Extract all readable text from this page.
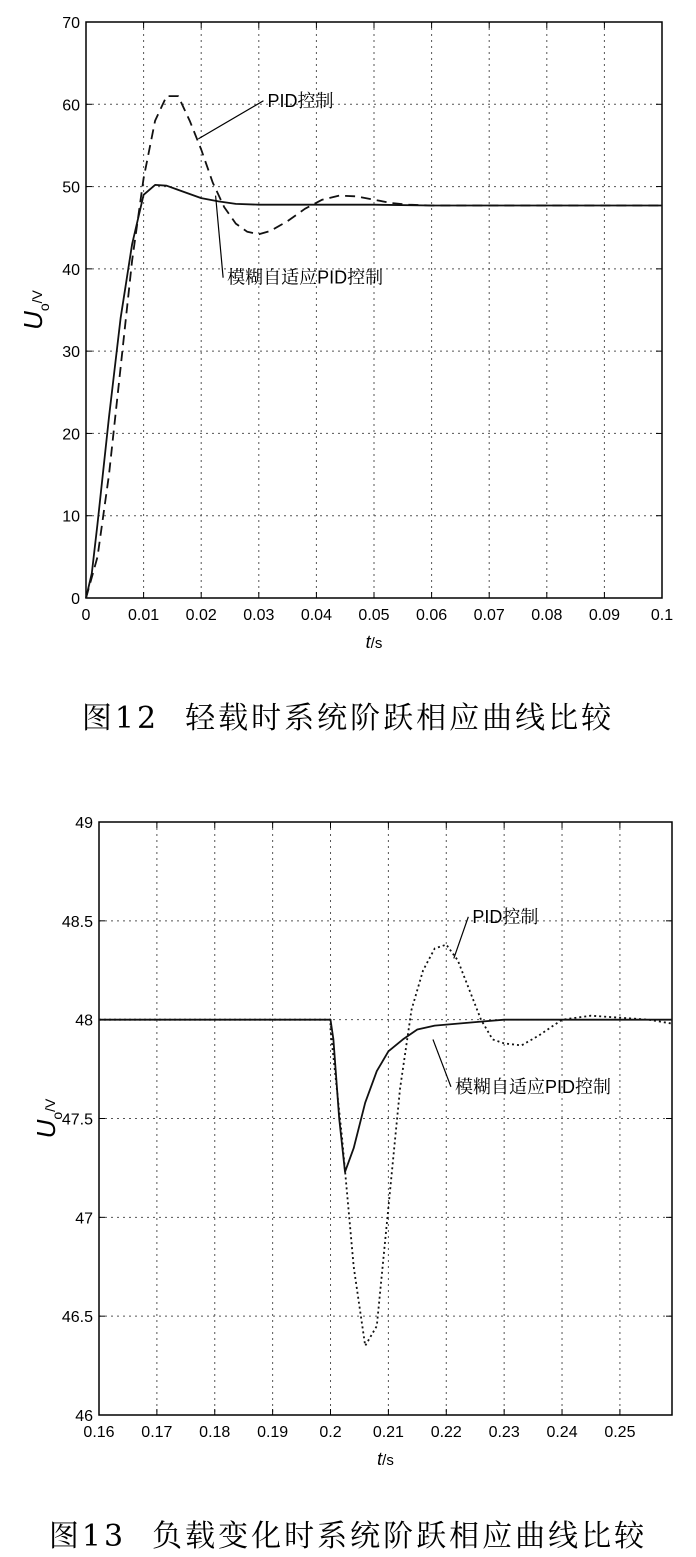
0 0.01 0.02 0.03 0.04 0.05 0.06 0.07 0.08 0.09 0.1
0
10
20
30
40
50
60
70
PID控制
模糊自适应PID控制
Uo/V
t/s
0.16 0.17 0.18 0.19 0.2 0.21 0.22 0.23 0.24 0.25
46
46.5
47
47.5
48
48.5
49
PID控制
模糊自适应PID控制
Uo/V
t/s
图12 轻载时系统阶跃相应曲线比较
图13 负载变化时系统阶跃相应曲线比较
